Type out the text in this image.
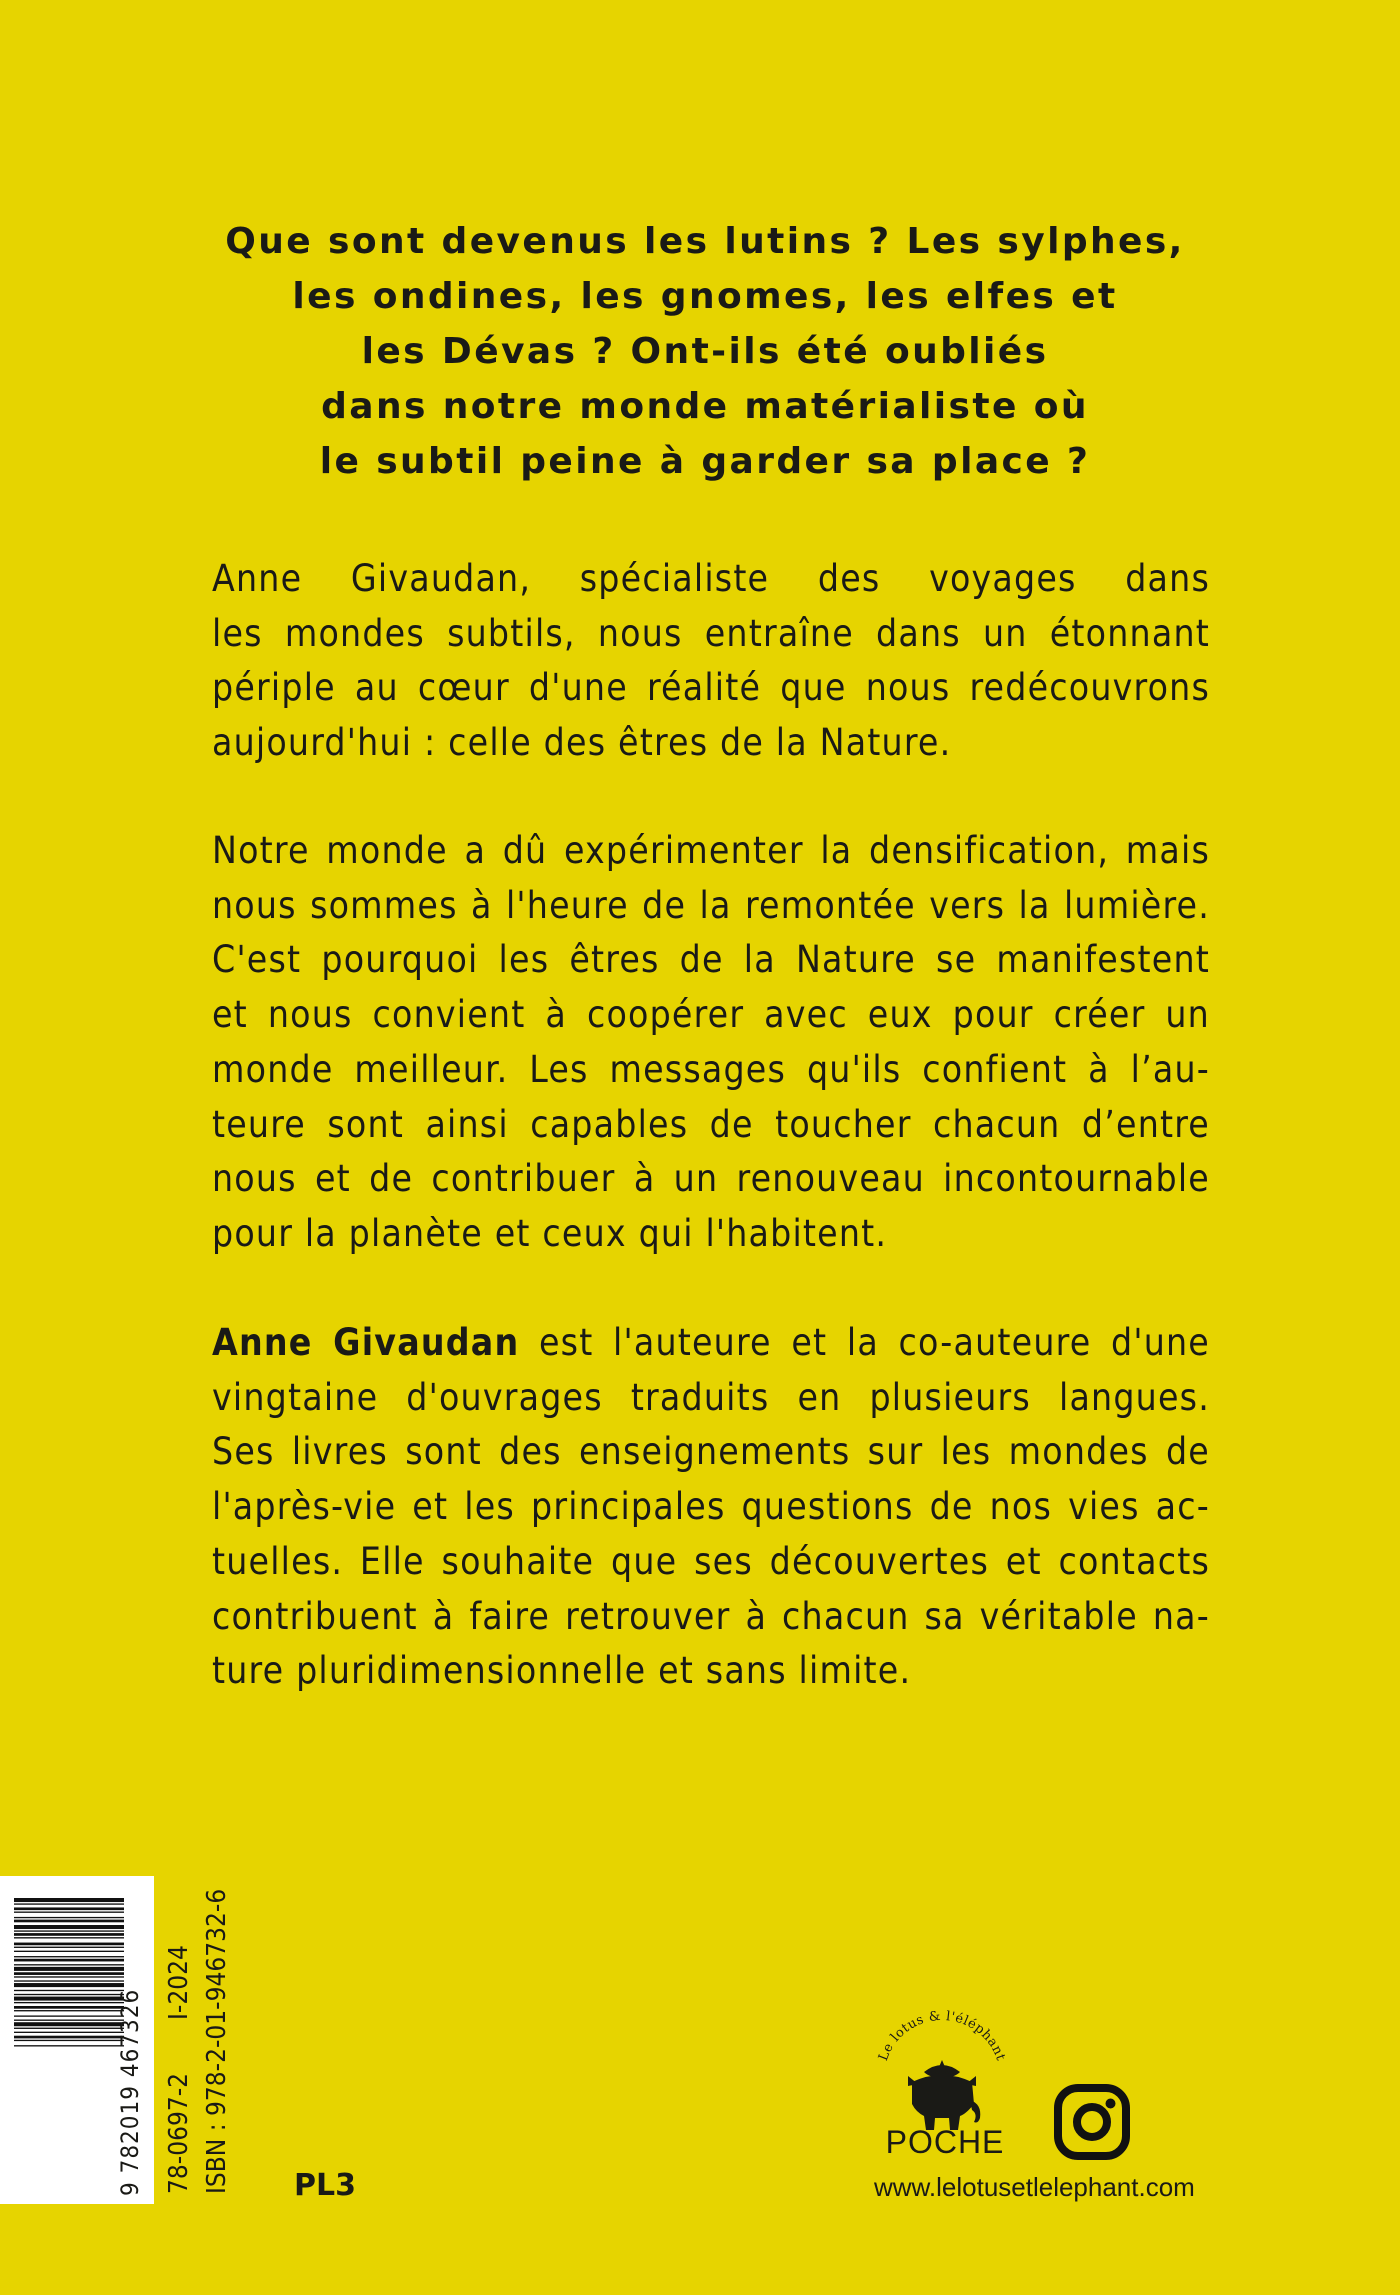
Que sont devenus les lutins ? Les sylphes,
les ondines, les gnomes, les elfes et
les Dévas ? Ont-ils été oubliés
dans notre monde matérialiste où
le subtil peine à garder sa place ?
Anne Givaudan, spécialiste des voyages dans
les mondes subtils, nous entraîne dans un étonnant
périple au cœur d'une réalité que nous redécouvrons
aujourd'hui : celle des êtres de la Nature.
Notre monde a dû expérimenter la densification, mais
nous sommes à l'heure de la remontée vers la lumière.
C'est pourquoi les êtres de la Nature se manifestent
et nous convient à coopérer avec eux pour créer un
monde meilleur. Les messages qu'ils confient à l’au-
teure sont ainsi capables de toucher chacun d’entre
nous et de contribuer à un renouveau incontournable
pour la planète et ceux qui l'habitent.
Anne Givaudan est l'auteure et la co-auteure d'une
vingtaine d'ouvrages traduits en plusieurs langues.
Ses livres sont des enseignements sur les mondes de
l'après-vie et les principales questions de nos vies ac-
tuelles. Elle souhaite que ses découvertes et contacts
contribuent à faire retrouver à chacun sa véritable na-
ture pluridimensionnelle et sans limite.
9 782019 467326 78-0697-2
I-2024 ISBN : 978-2-01-946732-6 PL3
Le lotus & l'éléphant
POCHE
www.lelotusetlelephant.com
